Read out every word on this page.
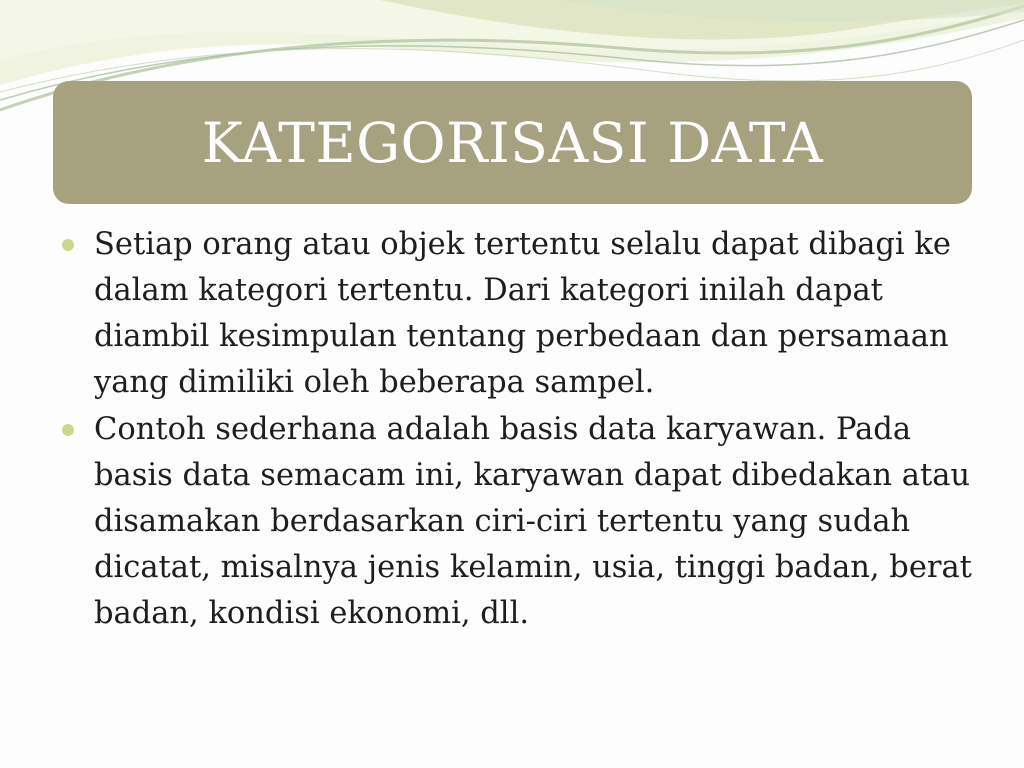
KATEGORISASI DATA
Setiap orang atau objek tertentu selalu dapat dibagi ke dalam kategori tertentu. Dari kategori inilah dapat diambil kesimpulan tentang perbedaan dan persamaan yang dimiliki oleh beberapa sampel.
Contoh sederhana adalah basis data karyawan. Pada basis data semacam ini, karyawan dapat dibedakan atau disamakan berdasarkan ciri-ciri tertentu yang sudah dicatat, misalnya jenis kelamin, usia, tinggi badan, berat badan, kondisi ekonomi, dll.
